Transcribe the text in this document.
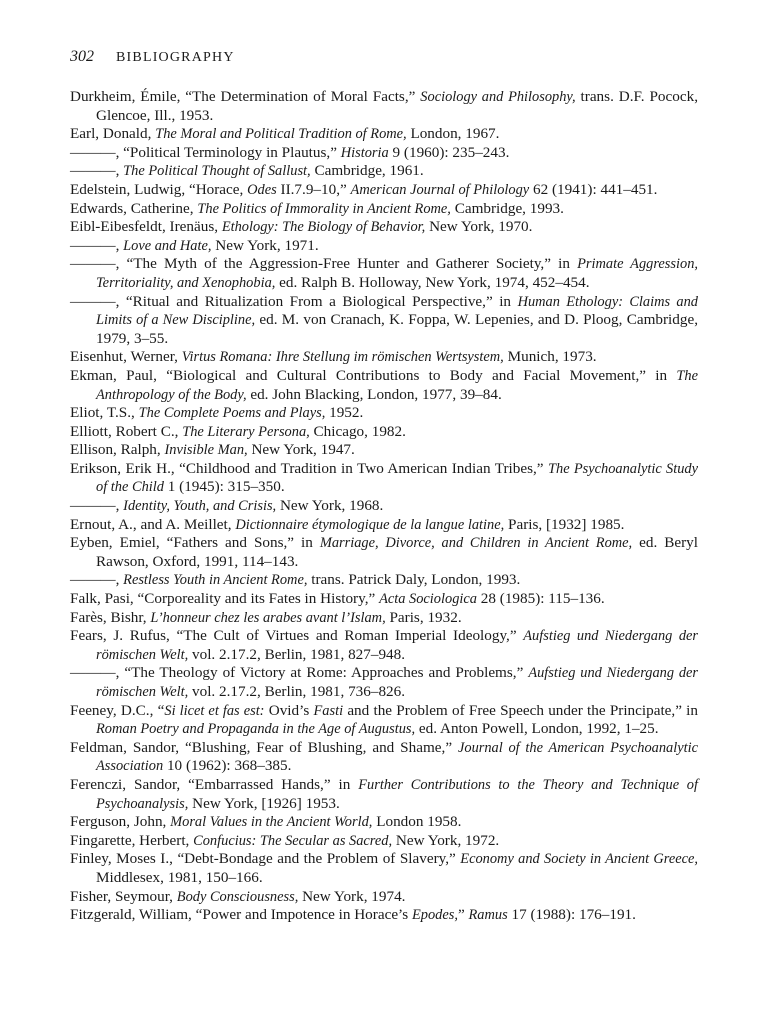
302 BIBLIOGRAPHY
Durkheim, Émile, “The Determination of Moral Facts,” Sociology and Philosophy, trans. D.F. Pocock, Glencoe, Ill., 1953.
Earl, Donald, The Moral and Political Tradition of Rome, London, 1967.
———, “Political Terminology in Plautus,” Historia 9 (1960): 235–243.
———, The Political Thought of Sallust, Cambridge, 1961.
Edelstein, Ludwig, “Horace, Odes II.7.9–10,” American Journal of Philology 62 (1941): 441–451.
Edwards, Catherine, The Politics of Immorality in Ancient Rome, Cambridge, 1993.
Eibl-Eibesfeldt, Irenäus, Ethology: The Biology of Behavior, New York, 1970.
———, Love and Hate, New York, 1971.
———, “The Myth of the Aggression-Free Hunter and Gatherer Society,” in Primate Aggression, Territoriality, and Xenophobia, ed. Ralph B. Holloway, New York, 1974, 452–454.
———, “Ritual and Ritualization From a Biological Perspective,” in Human Ethology: Claims and Limits of a New Discipline, ed. M. von Cranach, K. Foppa, W. Lepenies, and D. Ploog, Cambridge, 1979, 3–55.
Eisenhut, Werner, Virtus Romana: Ihre Stellung im römischen Wertsystem, Munich, 1973.
Ekman, Paul, “Biological and Cultural Contributions to Body and Facial Movement,” in The Anthropology of the Body, ed. John Blacking, London, 1977, 39–84.
Eliot, T.S., The Complete Poems and Plays, 1952.
Elliott, Robert C., The Literary Persona, Chicago, 1982.
Ellison, Ralph, Invisible Man, New York, 1947.
Erikson, Erik H., “Childhood and Tradition in Two American Indian Tribes,” The Psychoanalytic Study of the Child 1 (1945): 315–350.
———, Identity, Youth, and Crisis, New York, 1968.
Ernout, A., and A. Meillet, Dictionnaire étymologique de la langue latine, Paris, [1932] 1985.
Eyben, Emiel, “Fathers and Sons,” in Marriage, Divorce, and Children in Ancient Rome, ed. Beryl Rawson, Oxford, 1991, 114–143.
———, Restless Youth in Ancient Rome, trans. Patrick Daly, London, 1993.
Falk, Pasi, “Corporeality and its Fates in History,” Acta Sociologica 28 (1985): 115–136.
Farès, Bishr, L’honneur chez les arabes avant l’Islam, Paris, 1932.
Fears, J. Rufus, “The Cult of Virtues and Roman Imperial Ideology,” Aufstieg und Niedergang der römischen Welt, vol. 2.17.2, Berlin, 1981, 827–948.
———, “The Theology of Victory at Rome: Approaches and Problems,” Aufstieg und Niedergang der römischen Welt, vol. 2.17.2, Berlin, 1981, 736–826.
Feeney, D.C., “Si licet et fas est: Ovid’s Fasti and the Problem of Free Speech under the Principate,” in Roman Poetry and Propaganda in the Age of Augustus, ed. Anton Powell, London, 1992, 1–25.
Feldman, Sandor, “Blushing, Fear of Blushing, and Shame,” Journal of the American Psychoanalytic Association 10 (1962): 368–385.
Ferenczi, Sandor, “Embarrassed Hands,” in Further Contributions to the Theory and Technique of Psychoanalysis, New York, [1926] 1953.
Ferguson, John, Moral Values in the Ancient World, London 1958.
Fingarette, Herbert, Confucius: The Secular as Sacred, New York, 1972.
Finley, Moses I., “Debt-Bondage and the Problem of Slavery,” Economy and Society in Ancient Greece, Middlesex, 1981, 150–166.
Fisher, Seymour, Body Consciousness, New York, 1974.
Fitzgerald, William, “Power and Impotence in Horace’s Epodes,” Ramus 17 (1988): 176–191.
